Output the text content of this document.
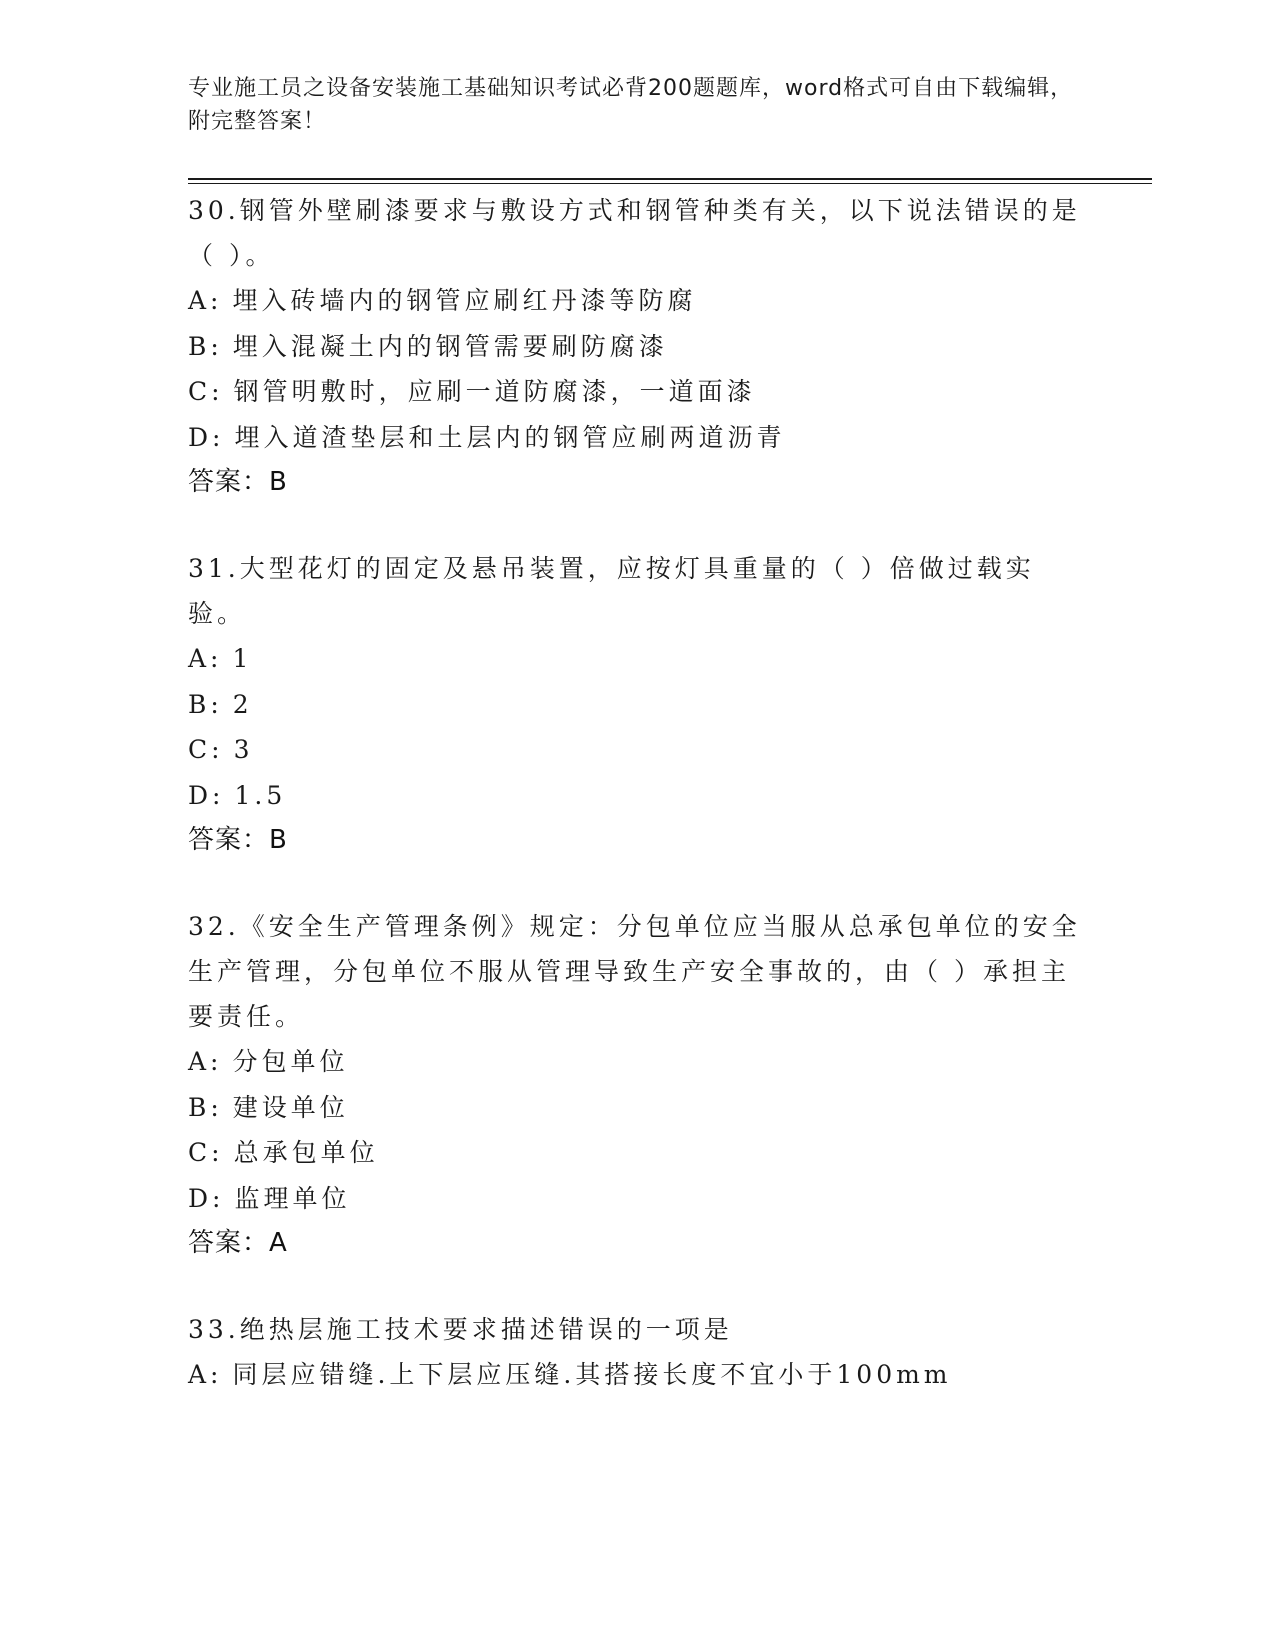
专业施工员之设备安装施工基础知识考试必背200题题库，word格式可自由下载编辑，附完整答案！
30.钢管外壁刷漆要求与敷设方式和钢管种类有关，以下说法错误的是（ ）。
A: 埋入砖墙内的钢管应刷红丹漆等防腐
B: 埋入混凝土内的钢管需要刷防腐漆
C: 钢管明敷时，应刷一道防腐漆，一道面漆
D: 埋入道渣垫层和土层内的钢管应刷两道沥青
答案：B
31.大型花灯的固定及悬吊装置，应按灯具重量的（ ）倍做过载实验。
A: 1
B: 2
C: 3
D: 1.5
答案：B
32.《安全生产管理条例》规定：分包单位应当服从总承包单位的安全生产管理，分包单位不服从管理导致生产安全事故的，由（ ）承担主要责任。
A: 分包单位
B: 建设单位
C: 总承包单位
D: 监理单位
答案：A
33.绝热层施工技术要求描述错误的一项是
A: 同层应错缝.上下层应压缝.其搭接长度不宜小于100mm
